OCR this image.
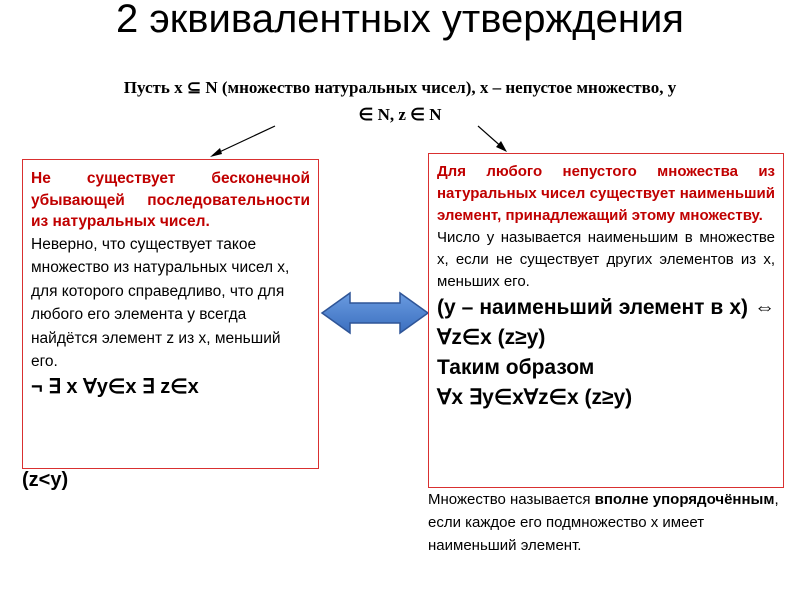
2 эквивалентных утверждения
Пусть x ⊆ N (множество натуральных чисел), x – непустое множество, y ∈ N, z ∈ N
Не существует бесконечной убывающей последовательности из натуральных чисел.
Неверно, что существует такое множество из натуральных чисел x, для которого справедливо, что для любого его элемента y всегда найдётся элемент z из x, меньший его.
¬ ∃ x ∀y∈x ∃ z∈x
(z<y)
Для любого непустого множества из натуральных чисел существует наименьший элемент, принадлежащий этому множеству.
Число y называется наименьшим в множестве x, если не существует других элементов из x, меньших его.
(y – наименьший элемент в x) ⇔ ∀z∈x (z≥y)
Таким образом
∀x ∃y∈x∀z∈x (z≥y)
Множество называется вполне упорядочённым, если каждое его подмножество x имеет наименьший элемент.
